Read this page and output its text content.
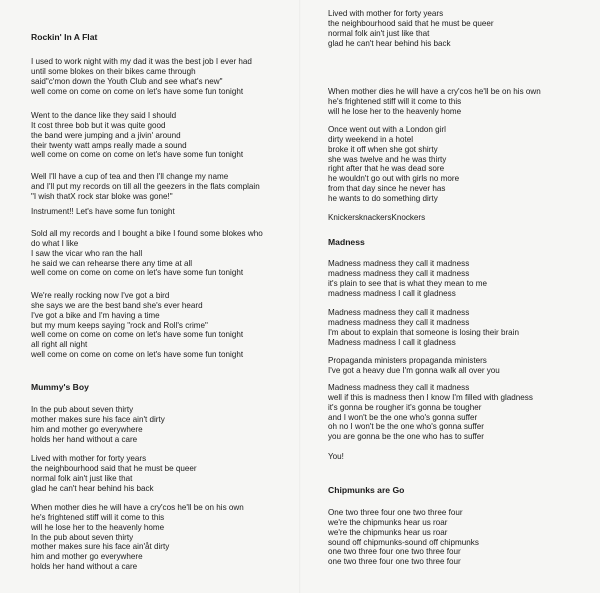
Rockin' In A Flat
I used to work night with my dad it was the best job I ever had
until some blokes on their bikes came through
said"c'mon down the Youth Club and see what's new"
well come on come on come on let's have some fun tonight
Went to the dance like they said I should
It cost three bob but it was quite good
the band were jumping and a jivin' around
their twenty watt amps really made a sound
well come on come on come on let's have some fun tonight
Well I'll have a cup of tea and then I'll change my name
and I'll put my records on till all the geezers in the flats complain
"I wish thatX rock star bloke was gone!"
Instrument!! Let's have some fun tonight
Sold all my records and I bought a bike I found some blokes who
do what I like
I saw the vicar who ran the hall
he said we can rehearse there any time at all
well come on come on come on let's have some fun tonight
We're really rocking now I've got a bird
she says we are the best band she's ever heard
I've got a bike and I'm having a time
but my mum keeps saying "rock and Roll's crime"
well come on come on come on let's have some fun tonight
all right all night
well come on come on come on let's have some fun tonight
Mummy's Boy
In the pub about seven thirty
mother makes sure his face ain't dirty
him and mother go everywhere
holds her hand without a care
Lived with mother for forty years
the neighbourhood said that he must be queer
normal folk ain't just like that
glad he can't hear behind his back
When mother dies he will have a cry'cos he'll be on his own
he's frightened stiff will it come to this
will he lose her to the heavenly home
In the pub about seven thirty
mother makes sure his face ain'åt dirty
him and mother go everywhere
holds her hand without a care
Lived with mother for forty years
the neighbourhood said that he must be queer
normal folk ain't just like that
glad he can't hear behind his back
When mother dies he will have a cry'cos he'll be on his own
he's frightened stiff will it come to this
will he lose her to the heavenly home
Once went out with a London girl
dirty weekend in a hotel
broke it off when she got shirty
she was twelve and he was thirty
right after that he was dead sore
he wouldn't go out with girls no more
from that day since he never has
he wants to do something dirty
KnickersknackersKnockers
Madness
Madness madness they call it madness
madness madness they call it madness
it's plain to see that is what they mean to me
madness madness I call it gladness
Madness madness they call it madness
madness madness they call it madness
I'm about to explain that someone is losing their brain
Madness madness I call it gladness
Propaganda ministers propaganda ministers
I've got a heavy due I'm gonna walk all over you
Madness madness they call it madness
well if this is madness then I know I'm filled with gladness
it's gonna be rougher it's gonna be tougher
and I won't be the one who's gonna suffer
oh no I won't be the one who's gonna suffer
you are gonna be the one who has to suffer
You!
Chipmunks are Go
One two three four one two three four
we're the chipmunks hear us roar
we're the chipmunks hear us roar
sound off chipmunks-sound off chipmunks
one two three four one two three four
one two three four one two three four
